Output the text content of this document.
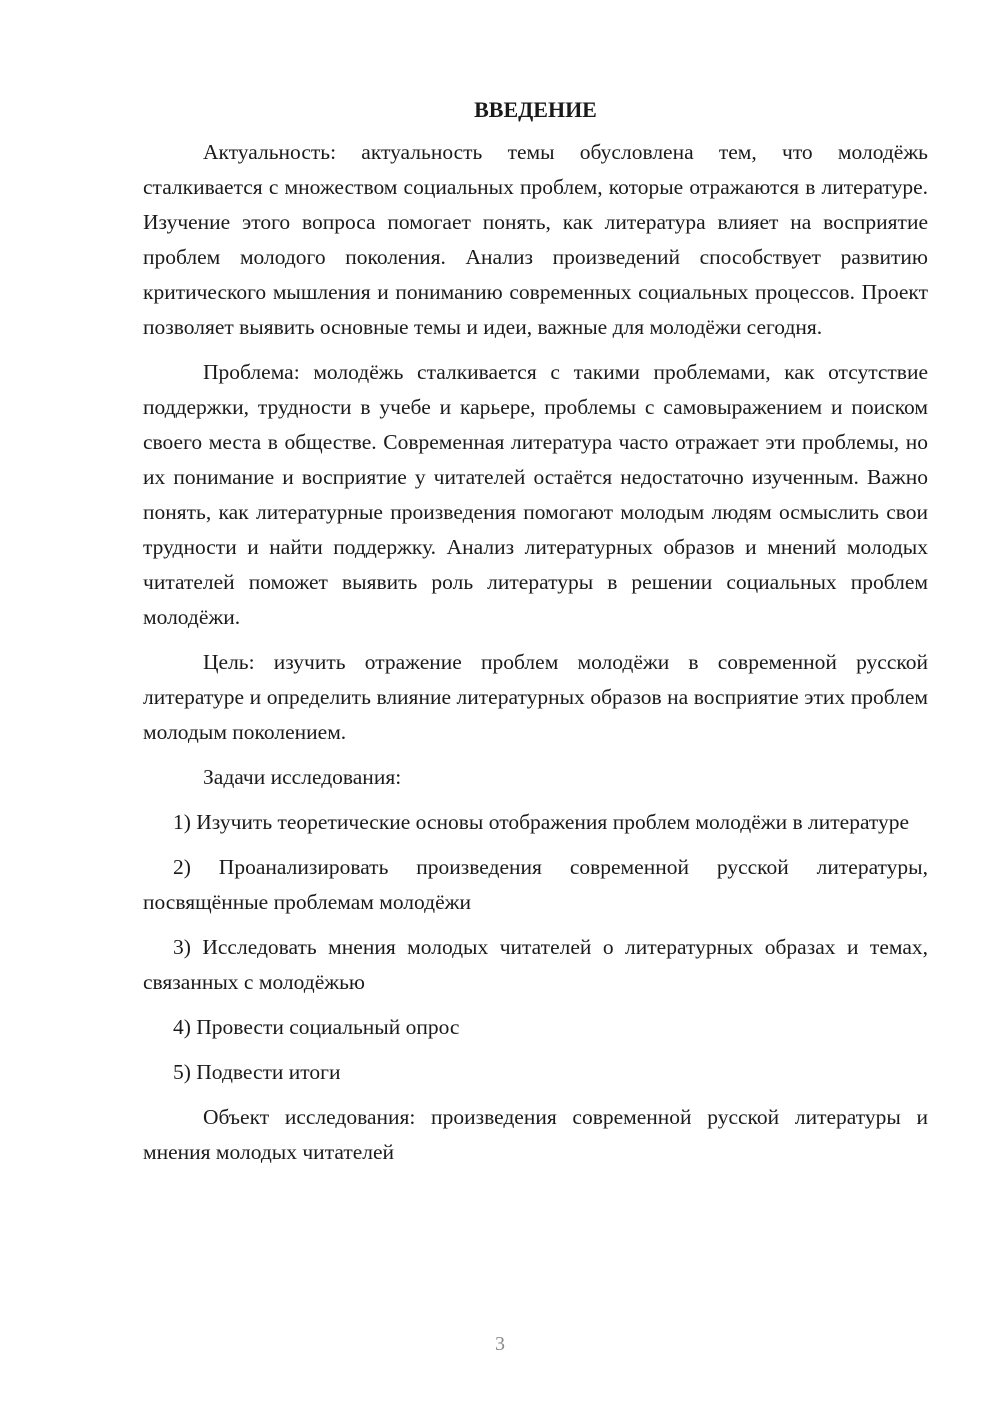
ВВЕДЕНИЕ

Актуальность: актуальность темы обусловлена тем, что молодёжь сталкивается с множеством социальных проблем, которые отражаются в литературе. Изучение этого вопроса помогает понять, как литература влияет на восприятие проблем молодого поколения. Анализ произведений способствует развитию критического мышления и пониманию современных социальных процессов. Проект позволяет выявить основные темы и идеи, важные для молодёжи сегодня.

Проблема: молодёжь сталкивается с такими проблемами, как отсутствие поддержки, трудности в учебе и карьере, проблемы с самовыражением и поиском своего места в обществе. Современная литература часто отражает эти проблемы, но их понимание и восприятие у читателей остаётся недостаточно изученным. Важно понять, как литературные произведения помогают молодым людям осмыслить свои трудности и найти поддержку. Анализ литературных образов и мнений молодых читателей поможет выявить роль литературы в решении социальных проблем молодёжи.

Цель: изучить отражение проблем молодёжи в современной русской литературе и определить влияние литературных образов на восприятие этих проблем молодым поколением.

Задачи исследования:

1) Изучить теоретические основы отображения проблем молодёжи в литературе

2) Проанализировать произведения современной русской литературы, посвящённые проблемам молодёжи

3) Исследовать мнения молодых читателей о литературных образах и темах, связанных с молодёжью

4) Провести социальный опрос

5) Подвести итоги

Объект исследования: произведения современной русской литературы и мнения молодых читателей

3
